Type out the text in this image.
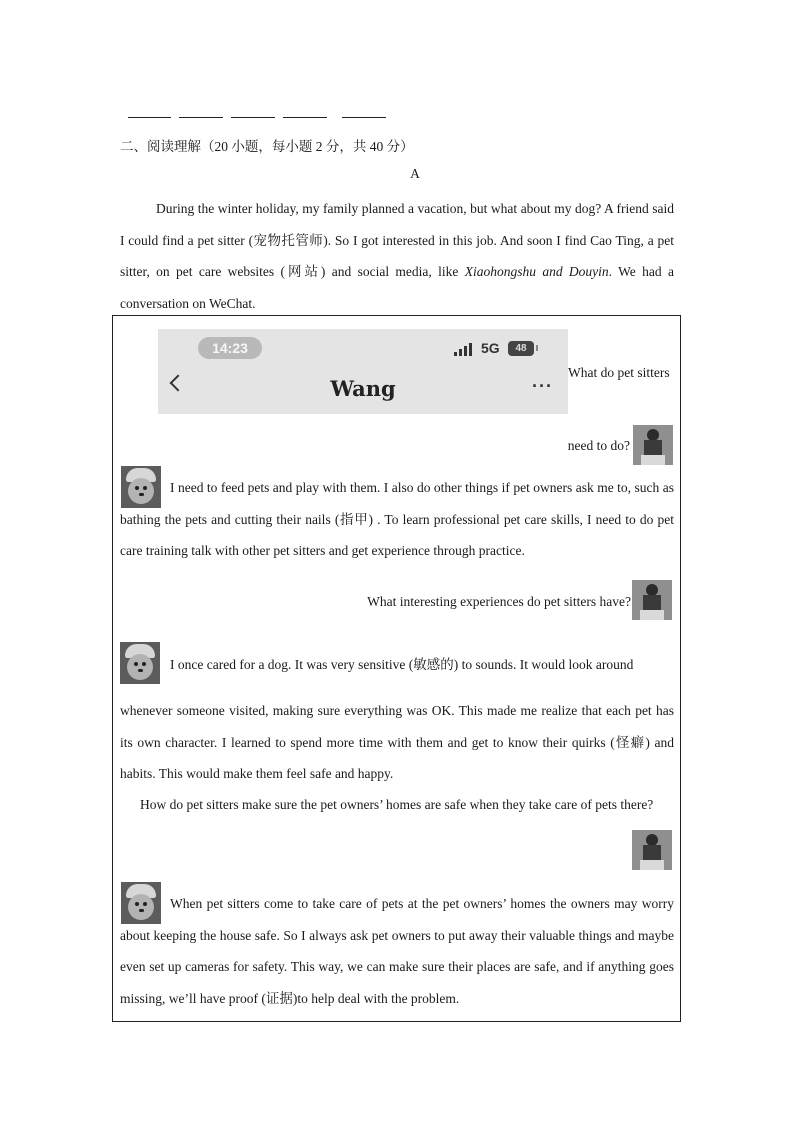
二、阅读理解（20 小题，每小题 2 分，共 40 分）
A

During the winter holiday, my family planned a vacation, but what about my dog? A friend said I could find a pet sitter (宠物托管师). So I got interested in this job. And soon I find Cao Ting, a pet sitter, on pet care websites (网站) and social media, like Xiaohongshu and Douyin. We had a conversation on WeChat.

14:23	5G	48
Wang	···
What do pet sitters
need to do?

I need to feed pets and play with them. I also do other things if pet owners ask me to, such as bathing the pets and cutting their nails (指甲) . To learn professional pet care skills, I need to do pet care training talk with other pet sitters and get experience through practice.

What interesting experiences do pet sitters have?

I once cared for a dog. It was very sensitive (敏感的) to sounds. It would look around

whenever someone visited, making sure everything was OK. This made me realize that each pet has its own character. I learned to spend more time with them and get to know their quirks (怪癖) and habits. This would make them feel safe and happy.

How do pet sitters make sure the pet owners’ homes are safe when they take care of pets there?

When pet sitters come to take care of pets at the pet owners’ homes the owners may worry about keeping the house safe. So I always ask pet owners to put away their valuable things and maybe even set up cameras for safety. This way, we can make sure their places are safe, and if anything goes missing, we’ll have proof (证据)to help deal with the problem.
